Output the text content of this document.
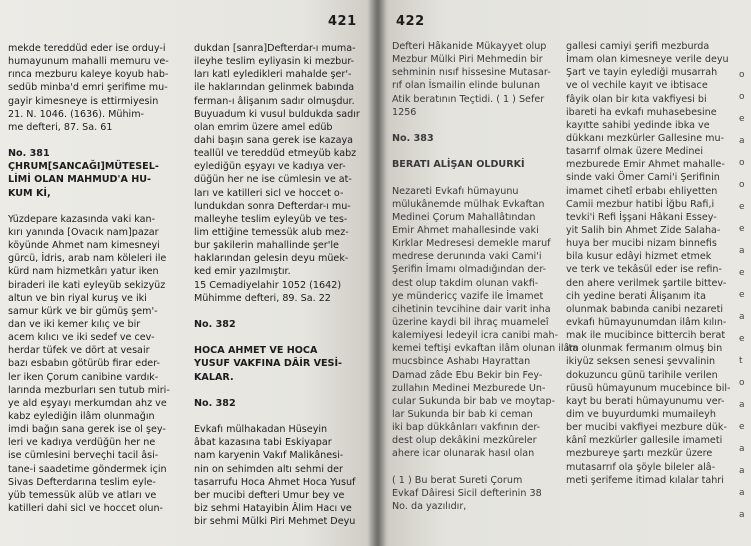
421
mekde tereddüd eder ise orduy-i
humayunum mahalli memuru ve-
rınca mezburu kaleye koyub hab-
sedüb minba'd emri şerifime mu-
gayir kimesneye is ettirmiyesin
21. N. 1046. (1636). Mühim-
me defteri, 87. Sa. 61
No. 381
ÇHRUM[SANCAĞI]MÜTESEL-
LİMİ OLAN MAHMUD'A HU-
KUM Kİ,
Yüzdepare kazasında vaki kan-
kırı yanında [Ovacık nam]pazar
köyünde Ahmet nam kimesneyi
gürcü, İdris, arab nam köleleri ile
kürd nam hizmetkârı yatur iken
biraderi ile kati eyleyüb sekizyüz
altun ve bin riyal kuruş ve iki
samur kürk ve bir gümüş şem'-
dan ve iki kemer kılıç ve bir
acem kılıcı ve iki sedef ve cev-
herdar tüfek ve dört at vesair
bazı esbabın götürüb firar eder-
ler iken Çorum canibine vardık-
larında mezburları sen tutub miri-
ye ald eşyayı merkumdan ahz ve
kabz eylediğin ilâm olunmağın
imdi bağın sana gerek ise ol şey-
leri ve kadıya verdüğün her ne
ise cümlesini berveçhi tacil âsi-
tane-i saadetime göndermek için
Sivas Defterdarına teslim eyle-
yüb temessük alüb ve atları ve
katilleri dahi sicl ve hoccet olun-
dukdan [sanra]Defterdar-ı muma-
ileyhe teslim eyliyasin ki mezbur-
ları katl eyledikleri mahalde şer'-
ile haklarından gelinmek babında
ferman-ı âlişanım sadır olmuşdur.
Buyuadum ki vusul buldukda sadır
olan emrim üzere amel edüb
dahi başın sana gerek ise kazaya
teallül ve tereddüd etmeyüb kabz
eylediğün eşyayı ve kadıya ver-
düğün her ne ise cümlesin ve at-
ları ve katilleri sicl ve hoccet o-
lundukdan sonra Defterdar-ı mu-
malleyhe teslim eyleyüb ve tes-
lim ettiğine temessük alub mez-
bur şakilerin mahallinde şer'le
haklarından gelesin deyu müek-
ked emir yazılmıştır.
15 Cemadiyelahir 1052 (1642)
Mühimme defteri, 89. Sa. 22
No. 382
HOCA AHMET VE HOCA
YUSUF VAKFINA DÂİR VESİ-
KALAR.
No. 382
Evkafı mülhakadan Hüseyin
âbat kazasına tabi Eskiyapar
nam karyenin Vakıf Malikânesi-
nin on sehimden altı sehmi der
tasarrufu Hoca Ahmet Hoca Yusuf
ber mucibi defteri Umur bey ve
biz sehmi Hatayibin Âlim Hacı ve
bir sehmi Mülki Piri Mehmet Deyu
422
Defteri Hâkanide Mükayyet olup
Mezbur Mülki Piri Mehmedin bir
sehminin nısıf hissesine Mutasar-
rıf olan İsmailin elinde bulunan
Atik beratının Teçtidi. ( 1 ) Sefer
1256
No. 383
BERATI ALİŞAN OLDURKİ
Nezareti Evkafı hümayunu
mülukânemde mülhak Evkaftan
Medinei Çorum Mahallâtından
Emir Ahmet mahallesinde vaki
Kırklar Medresesi demekle maruf
medrese derunında vaki Cami'i
Şerifin İmamı olmadığından der-
dest olup takdim olunan vakfi-
ye mündericç vazife ile İmamet
cihetinin tevcihine dair varit inha
üzerine kaydi bil ihraç muameleî
kalemiyesi ledeyil icra canibi mah-
kemei teftişi evkaftan ilâm olunan ilâm
mucsbince Ashabı Hayrattan
Damad zâde Ebu Bekir bin Fey-
zullahın Medinei Mezburede Un-
cular Sukunda bir bab ve moytap-
lar Sukunda bir bab ki ceman
iki bap dükkânları vakfının der-
dest olup dekâkini mezkûreler
ahere icar olunarak hasıl olan
( 1 ) Bu berat Sureti Çorum
Evkaf Dâiresi Sicil defterinin 38
No. da yazılıdır,
gallesi camiyi şerifi mezburda
İmam olan kimesneye verile deyu
Şart ve tayin eylediği musarrah
ve ol vechile kayıt ve ibtisace
fâyik olan bir kıta vakfiyesi bi
ibareti ha evkafı muhasebesine
kayıtte sahibi yedinde ibka ve
dükkanı mezkürler Gallesine mu-
tasarrıf olmak üzere Medinei
mezburede Emir Ahmet mahalle-
sinde vaki Ömer Cami'i Şerifinin
imamet cihetî erbabı ehliyetten
Camii mezbur hatibi İğbu Rafi,i
tevki'i Refi İşşani Hâkani Essey-
yit Salih bin Ahmet Zide Salaha-
huya ber mucibi nizam binnefis
bila kusur edâyi hizmet etmek
ve terk ve tekâsül eder ise refin-
den ahere verilmek şartile bittev-
cih yedine berati Âlişanım ita
olunmak babında canibi nezareti
evkafı hümayunumdan ilâm kılın-
mak ile mucibince bittercih berat
ita olunmak fermanım olmuş bin
ikiyüz seksen senesi şevvalinin
dokuzuncu günü tarihile verilen
rüusü hümayunum mucebince bil-
kayt bu berati hümayunumu ver-
dim ve buyurdumki mumaileyh
ber mucibi vakfiyei mezbure dük-
kânî mezkürler gallesile imameti
mezbureye şartı mezkür üzere
mutasarrıf ola şöyle bileler alâ-
meti şerifeme itimad kılalar tahri
o
o
e
a
o
o
e
e
a
e
e
a
e
t
o
a
e
a
a
a
a
